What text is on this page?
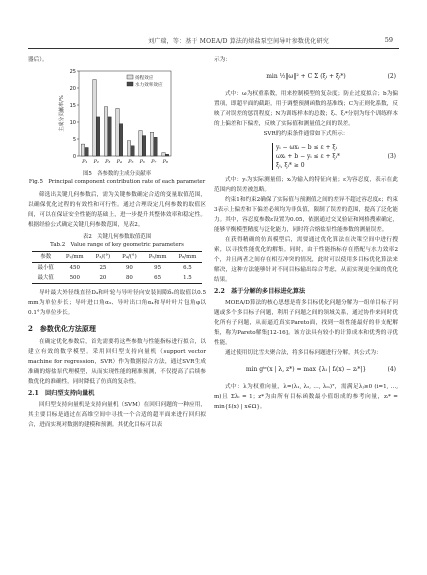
刘广瑞，等：基于 MOEA/D 算法的熔盐泵空间导叶参数优化研究	59

器后）。

0
5
10
15
20
25
主成分贡献率/%
P₁ P₂ P₃ P₄ P₅ P₆ P₇ P₈
扬程效应
水力效率效应

图5　各参数的主成分贡献率

Fig.5　Principal component contribution rate of each parameter

筛选出关键几何参数后，需为关键参数确定合适的变量取值范围，以确保优化过程的有效性和可行性。通过合理设定几何参数的取值区间，可以在保证安全性能的基础上，进一步提升其整体效率和稳定性。根据经验公式确定关键几何参数范围，见表2。

表2　关键几何参数取值范围

Tab.2　Value range of key geometric parameters

参数	P₂/mm	P₃/(°)	P₄/(°)	P₅/mm	P₈/mm
最小值	450	25	90	95	6.5
最大值	500	20	80	65	1.5

导叶最大外径线直径D₄和叶轮与导叶径向安装间隙δ₂的取值以0.5 mm为单位步长；导叶进口角α₃、导叶出口角α₄和导叶叶片包角φ以0.1°为单位步长。

2　参数优化方法原理

在确定优化参数后，首先需要将这些参数与性能指标进行拟合，以建立有效的数学模型。采用回归型支持向量机（support vector machine for regression，SVR）作为数据拟合方法，通过SVR生成准确的熔盐泵代理模型，从而实现性能的精准预测，不仅提高了后续参数优化的准确性，同时降低了仿真的复杂性。

2.1　回归型支持向量机

回归型支持向量机是支持向量机（SVM）在回归问题的一种应用，其主要目标是通过在高维空间中寻找一个合适的超平面来进行回归拟合，进而实现对数据的建模和预测。其优化目标可以表

示为：

min ½‖ω‖² + C Σ (ξᵢ + ξᵢ*)	(2)

式中：ω为权重系数，用来控制模型的复杂度；防止过度拟合；b为偏置项，即超平面的截距，用于调整预测函数的基准线；C为正则化系数，反映了对误差的惩罚程度；N为训练样本的总数；ξᵢ、ξᵢ*分别为每个训练样本的上偏差和下偏差，反映了实际值和测量值之间的误差。

SVR的约束条件通常如下式所示：

yᵢ − ωxᵢ − b ≤ ε + ξᵢ
ωxᵢ + b − yᵢ ≤ ε + ξᵢ*
ξᵢ, ξᵢ* ≥ 0
(3)

式中：yᵢ为实际测量值；xᵢ为输入的特征向量；ε为容忍度，表示在此范围内的误差被忽略。

约束1和约束2确保了实际值与预测值之间的差异不超过容忍度ε；约束3表示上偏差和下偏差必须均为非负值，限制了误差的范围，提高了泛化能力。其中，容忍度参数ε设置为0.05，依据通过交叉验证和网格搜索确定，能够平衡模型精度与泛化能力，同时符合熔盐泵性能参数的测量误差。

在获得精确的仿真模型后，需要通过优化算法在决策空间中进行搜索，以寻找性能优化的解集。同时，由于性能指标存在搭配与水力效率2个，并且两者之间存在相互冲突的情况，此时可以使用多目标优化算法来解决，这种方法能够针对不同目标输出综合考虑，从而实现更全面的优化结果。

2.2　基于分解的多目标进化算法

MOEA/D算法的核心思想是将多目标优化问题分解为一组单目标子问题或多个多目标子问题，利用子问题之间的领域关系，通过协作来同时优化所有子问题，从而逼近真实Pareto面，找到一组性能最好的非支配解集，称为Pareto解集[12-16]。该方法具有较小的计算成本和优秀的寻优性能。

通过使用切比雪夫聚合法，将多目标问题进行分解，其公式为：

min gᵗᵉ(x | λ, z*) = max {λᵢ | fᵢ(x) − zᵢ*|}	(4)

式中：λ为权重向量，λ=(λ₁, λ₂, …, λₘ)ᵀ，需满足λⱼ≥0 (i=1, …, m)且 Σλᵢ = 1；z*为由所有目标函数最小值组成的参考向量，zᵢ* = min{fᵢ(x) | x∈Ω}。
